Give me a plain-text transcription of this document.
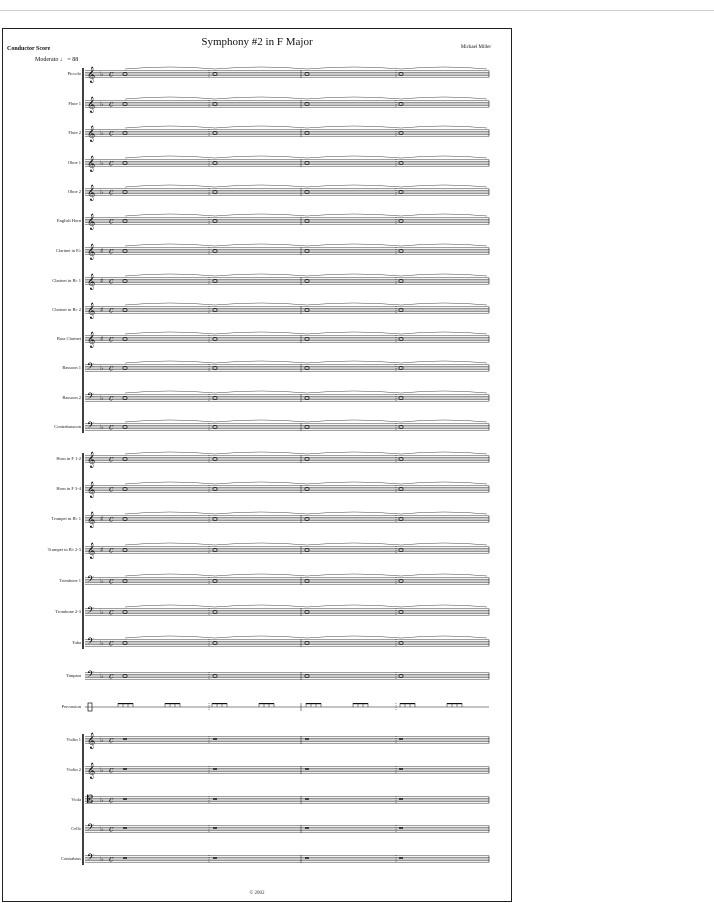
Symphony #2 in F Major
Conductor Score	Michael Miller
Moderato ♩ = 88
Piccolo
Flute 1
Flute 2
Oboe 1
Oboe 2
English Horn
Clarinet in E♭
Clarinet in B♭ 1
Clarinet in B♭ 2
Bass Clarinet
Bassoon 1
Bassoon 2
Contrabassoon
Horn in F 1-2
Horn in F 3-4
Trumpet in B♭ 1
Trumpet in B♭ 2-3
Trombone 1
Trombone 2-3
Tuba
Timpani
Percussion
Violin 1
Violin 2
Viola
Cello
Contrabass
𝄞 ♭ c
𝄞 ♭ c
𝄞 ♭ c
𝄞 ♭ c
𝄞 ♭ c
𝄞 c
𝄞 ♯ c
𝄞 ♯ c
𝄞 ♯ c
𝄞 ♯ c
𝄢 ♭ c
𝄢 ♭ c
𝄢 ♭ c
𝄞 c
𝄞 c
𝄞 ♯ c
𝄞 ♯ c
𝄢 ♭ c
𝄢 ♭ c
𝄢 ♭ c
𝄢 ♭ c
𝄞 ♭ c
𝄞 ♭ c
𝄡 ♭ c
𝄢 ♭ c
𝄢 ♭ c
© 2002
